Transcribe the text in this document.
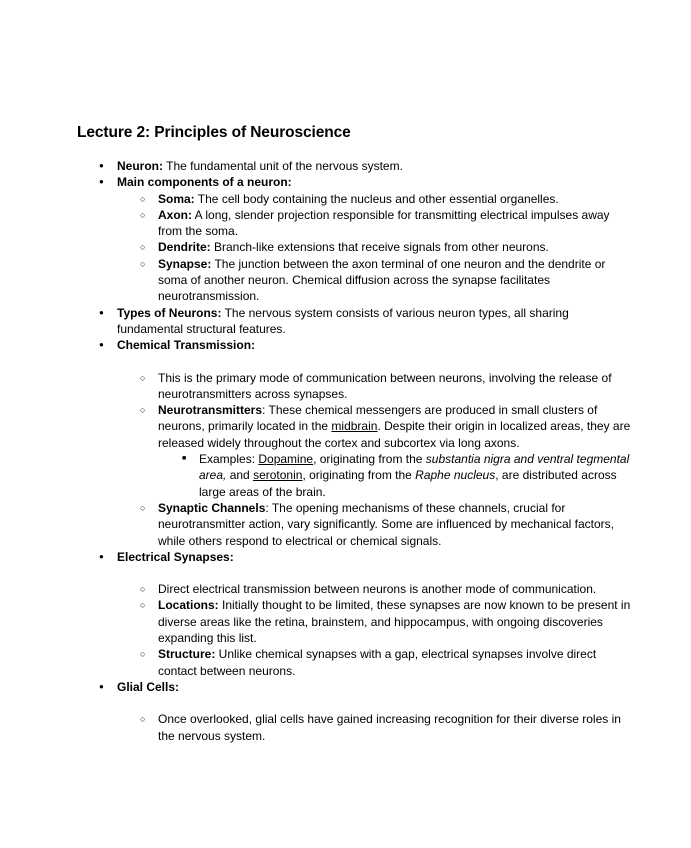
Lecture 2: Principles of Neuroscience
● Neuron: The fundamental unit of the nervous system.
● Main components of a neuron:
○ Soma: The cell body containing the nucleus and other essential organelles.
○ Axon: A long, slender projection responsible for transmitting electrical impulses away from the soma.
○ Dendrite: Branch-like extensions that receive signals from other neurons.
○ Synapse: The junction between the axon terminal of one neuron and the dendrite or soma of another neuron. Chemical diffusion across the synapse facilitates neurotransmission.
● Types of Neurons: The nervous system consists of various neuron types, all sharing fundamental structural features.
● Chemical Transmission:
○ This is the primary mode of communication between neurons, involving the release of neurotransmitters across synapses.
○ Neurotransmitters: These chemical messengers are produced in small clusters of neurons, primarily located in the midbrain. Despite their origin in localized areas, they are released widely throughout the cortex and subcortex via long axons.
■ Examples: Dopamine, originating from the substantia nigra and ventral tegmental area, and serotonin, originating from the Raphe nucleus, are distributed across large areas of the brain.
○ Synaptic Channels: The opening mechanisms of these channels, crucial for neurotransmitter action, vary significantly. Some are influenced by mechanical factors, while others respond to electrical or chemical signals.
● Electrical Synapses:
○ Direct electrical transmission between neurons is another mode of communication.
○ Locations: Initially thought to be limited, these synapses are now known to be present in diverse areas like the retina, brainstem, and hippocampus, with ongoing discoveries expanding this list.
○ Structure: Unlike chemical synapses with a gap, electrical synapses involve direct contact between neurons.
● Glial Cells:
○ Once overlooked, glial cells have gained increasing recognition for their diverse roles in the nervous system.
